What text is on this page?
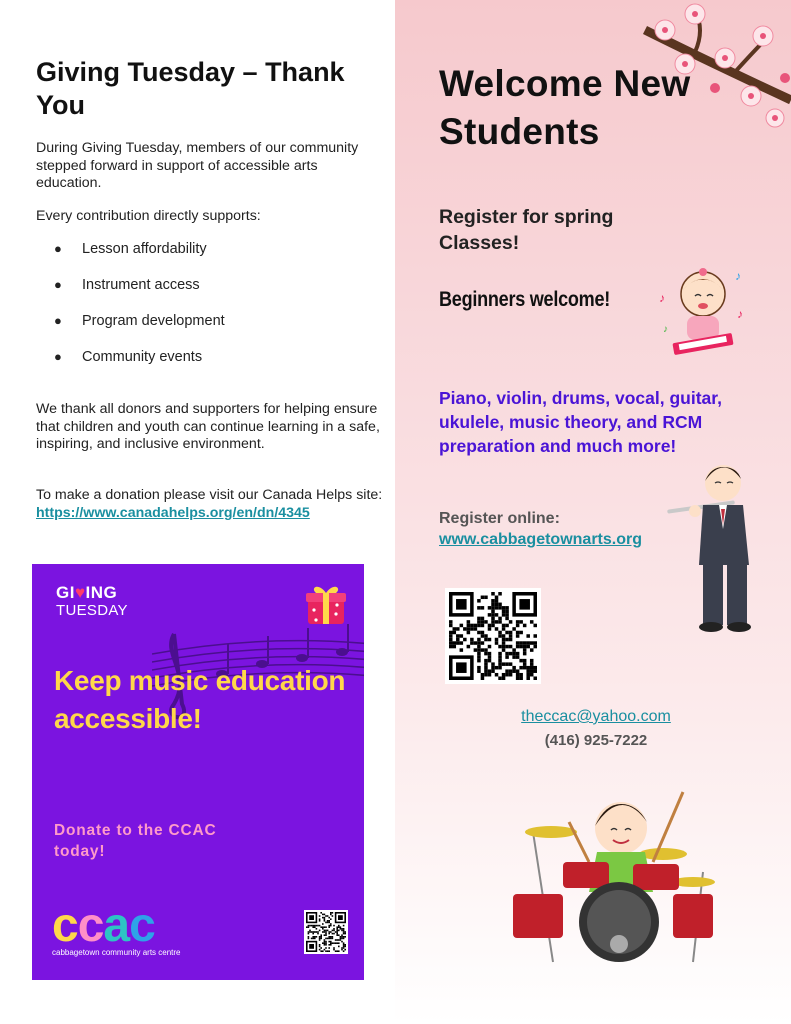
Giving Tuesday – Thank You

During Giving Tuesday, members of our community stepped forward in support of accessible arts education.

Every contribution directly supports:

● Lesson affordability
● Instrument access
● Program development
● Community events

We thank all donors and supporters for helping ensure that children and youth can continue learning in a safe, inspiring, and inclusive environment.

To make a donation please visit our Canada Helps site: https://www.canadahelps.org/en/dn/4345

GI♥ING
TUESDAY
Keep music education accessible!
Donate to the CCAC today!
ccac
cabbagetown community arts centre
Welcome New Students
Register for spring Classes!
Beginners welcome!	♪
♪
♪
♪
Piano, violin, drums, vocal, guitar, ukulele, music theory, and RCM preparation and much more!
Register online:
www.cabbagetownarts.org
theccac@yahoo.com
(416) 925-7222
